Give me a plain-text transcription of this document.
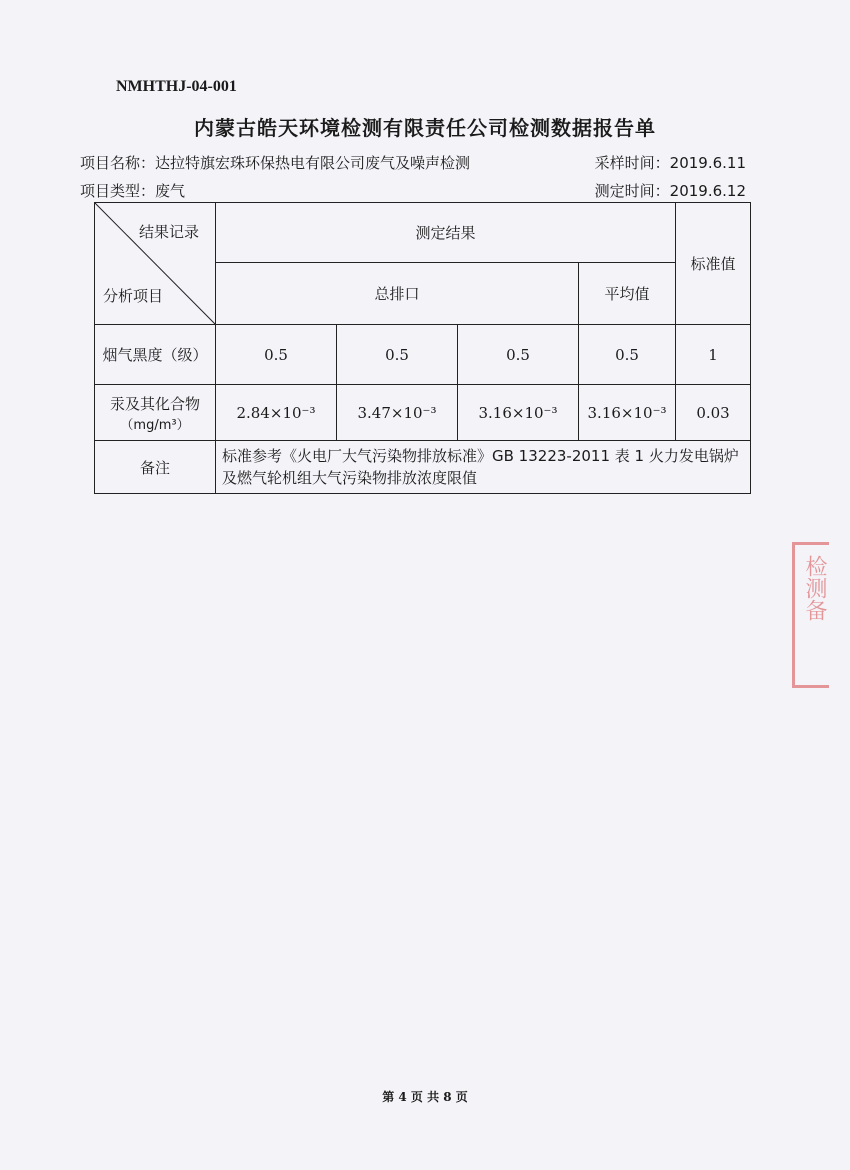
NMHTHJ-04-001
内蒙古皓天环境检测有限责任公司检测数据报告单
项目名称：达拉特旗宏珠环保热电有限公司废气及噪声检测	采样时间：2019.6.11
项目类型：废气	测定时间：2019.6.12
结果记录
分析项目	测定结果				标准值
	总排口			平均值	
烟气黑度（级）	0.5	0.5	0.5	0.5	1

汞及其化合物
（mg/m³）	2.84×10⁻³	3.47×10⁻³	3.16×10⁻³	3.16×10⁻³	0.03
备注	标准参考《火电厂大气污染物排放标准》GB 13223-2011 表 1 火力发电锅炉及燃气轮机组大气污染物排放浓度限值				
检测备
第 4 页 共 8 页
